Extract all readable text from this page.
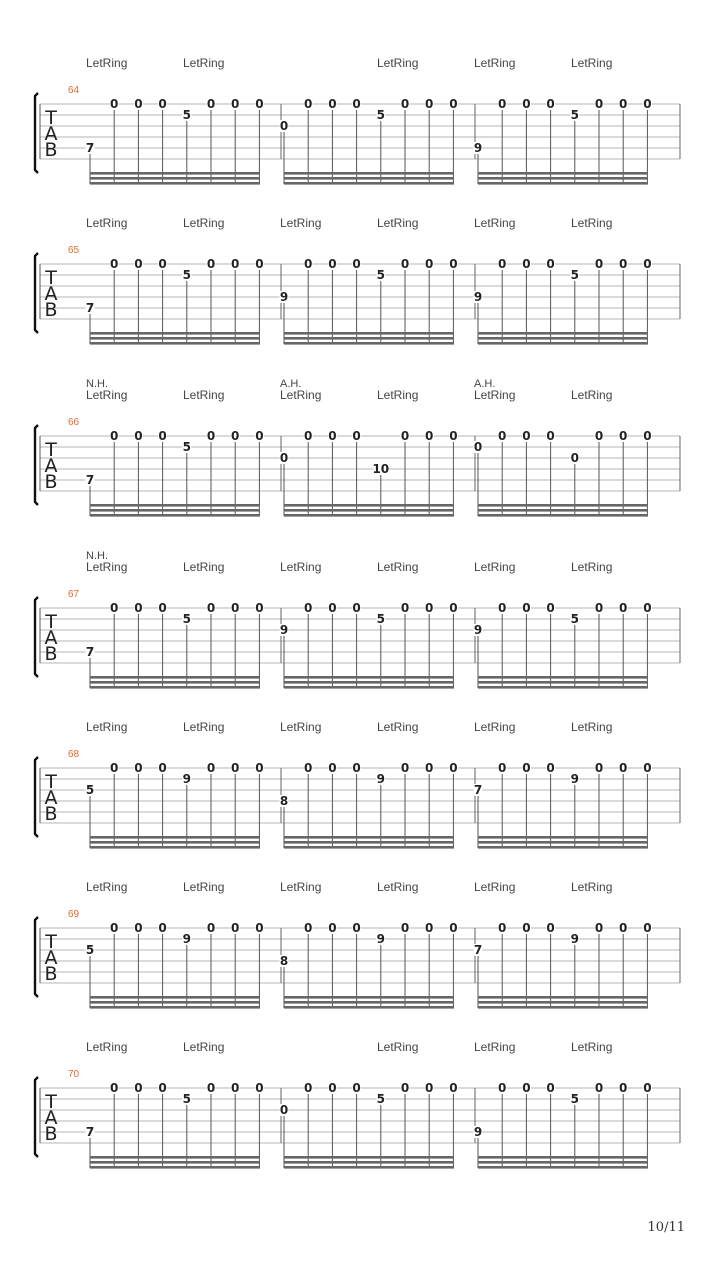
64
T
A
B
LetRing	LetRing	LetRing	LetRing	LetRing
7
0 0 0
5
0 0 0
0
0 0 0
5
0 0 0
9
0 0 0
5
0 0 0
65
T
A
B
LetRing	LetRing	LetRing	LetRing	LetRing	LetRing
7
0 0 0
5
0 0 0
9
0 0 0
5
0 0 0
9
0 0 0
5
0 0 0
66
T
A
B
LetRing	LetRing	LetRing	LetRing	LetRing	LetRing
N.H.	A.H.	A.H.
7
0 0 0
5
0 0 0
0
0 0 0
10
0 0 0
0
0 0 0
0
0 0 0
67
T
A
B
LetRing	LetRing	LetRing	LetRing	LetRing	LetRing
N.H.
7
0 0 0
5
0 0 0
9
0 0 0
5
0 0 0
9
0 0 0
5
0 0 0
68
T
A
B
LetRing	LetRing	LetRing	LetRing	LetRing	LetRing
5
0 0 0
9
0 0 0
8
0 0 0
9
0 0 0
7
0 0 0
9
0 0 0
69
T
A
B
LetRing	LetRing	LetRing	LetRing	LetRing	LetRing
5
0 0 0
9
0 0 0
8
0 0 0
9
0 0 0
7
0 0 0
9
0 0 0
70
T
A
B
LetRing	LetRing	LetRing	LetRing	LetRing
7
0 0 0
5
0 0 0
0
0 0 0
5
0 0 0
9
0 0 0
5
0 0 0
10/11
